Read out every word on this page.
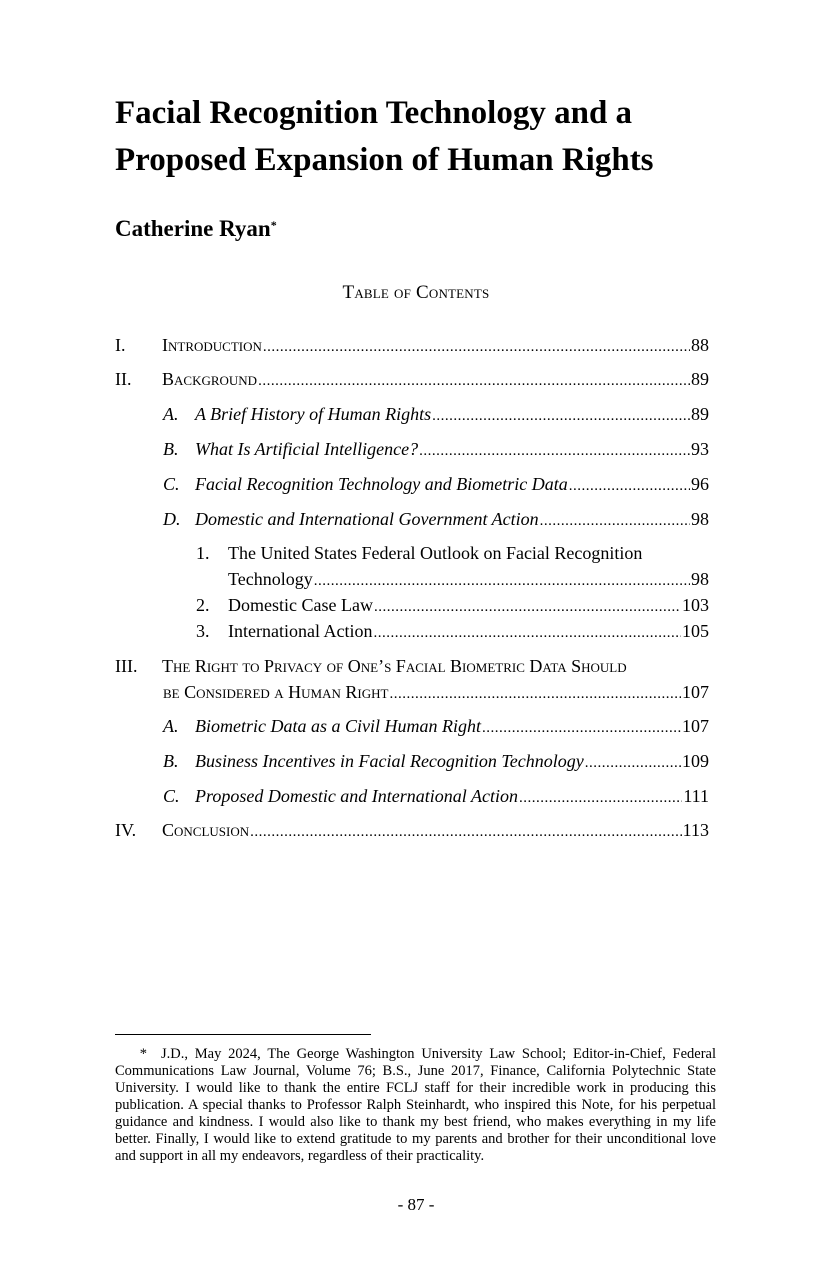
Facial Recognition Technology and a
Proposed Expansion of Human Rights
Catherine Ryan*
Table of Contents
I. Introduction .....	88
II. Background .....	89
A. A Brief History of Human Rights .....	89
B. What Is Artificial Intelligence? .....	93
C. Facial Recognition Technology and Biometric Data .....	96
D. Domestic and International Government Action .....	98
1. The United States Federal Outlook on Facial Recognition
Technology .....	98
2. Domestic Case Law .....	103
3. International Action .....	105
III. The Right to Privacy of One’s Facial Biometric Data Should
be Considered a Human Right .....	107
A. Biometric Data as a Civil Human Right .....	107
B. Business Incentives in Facial Recognition Technology .....	109
C. Proposed Domestic and International Action .....	111
IV. Conclusion .....	113

* J.D., May 2024, The George Washington University Law School; Editor-in-Chief, Federal Communications Law Journal, Volume 76; B.S., June 2017, Finance, California Polytechnic State University. I would like to thank the entire FCLJ staff for their incredible work in producing this publication. A special thanks to Professor Ralph Steinhardt, who inspired this Note, for his perpetual guidance and kindness. I would also like to thank my best friend, who makes everything in my life better. Finally, I would like to extend gratitude to my parents and brother for their unconditional love and support in all my endeavors, regardless of their practicality.

- 87 -
